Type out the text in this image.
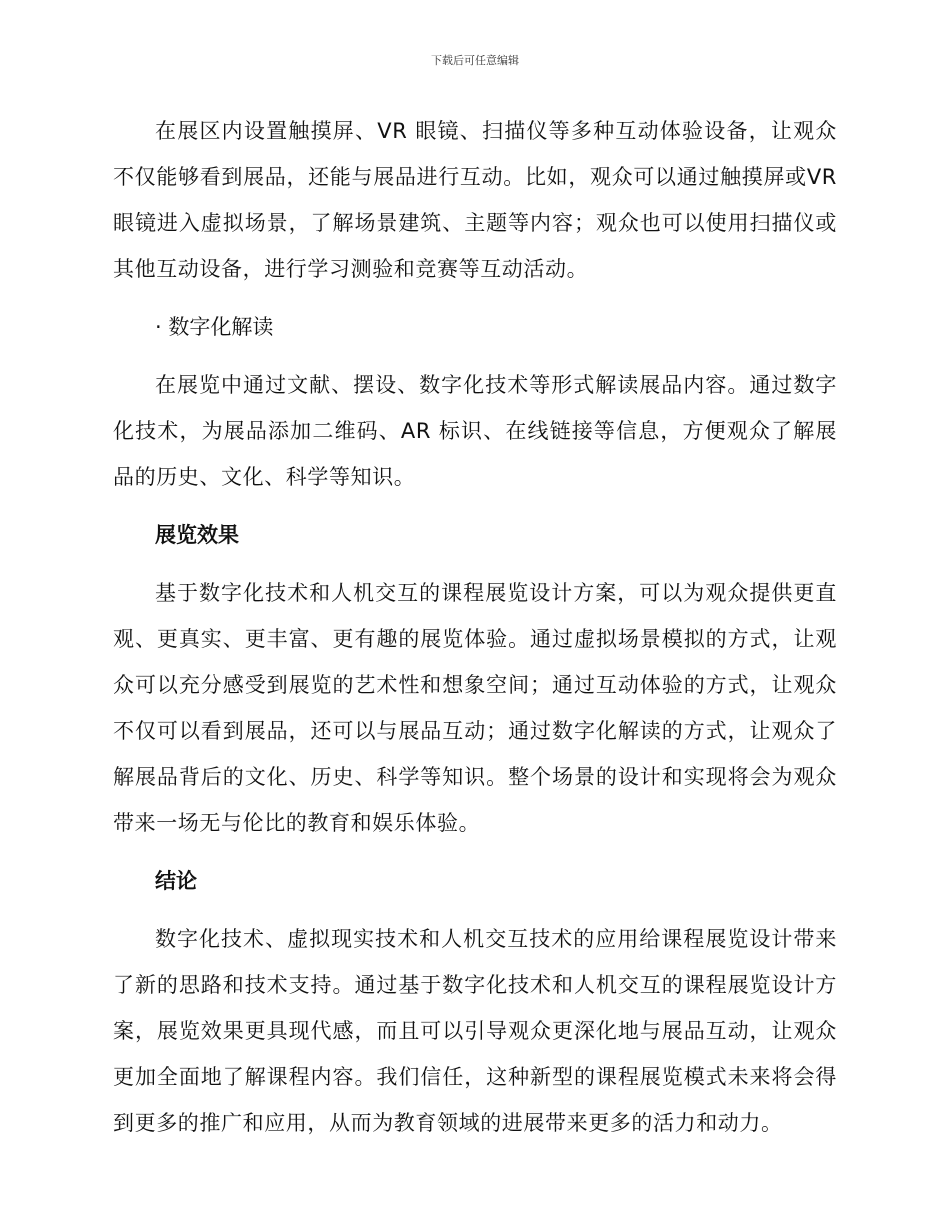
下载后可任意编辑

在展区内设置触摸屏、VR 眼镜、扫描仪等多种互动体验设备，让观众不仅能够看到展品，还能与展品进行互动。比如，观众可以通过触摸屏或VR 眼镜进入虚拟场景，了解场景建筑、主题等内容；观众也可以使用扫描仪或其他互动设备，进行学习测验和竞赛等互动活动。

· 数字化解读

在展览中通过文献、摆设、数字化技术等形式解读展品内容。通过数字化技术，为展品添加二维码、AR 标识、在线链接等信息，方便观众了解展品的历史、文化、科学等知识。

展览效果

基于数字化技术和人机交互的课程展览设计方案，可以为观众提供更直观、更真实、更丰富、更有趣的展览体验。通过虚拟场景模拟的方式，让观众可以充分感受到展览的艺术性和想象空间；通过互动体验的方式，让观众不仅可以看到展品，还可以与展品互动；通过数字化解读的方式，让观众了解展品背后的文化、历史、科学等知识。整个场景的设计和实现将会为观众带来一场无与伦比的教育和娱乐体验。

结论

数字化技术、虚拟现实技术和人机交互技术的应用给课程展览设计带来了新的思路和技术支持。通过基于数字化技术和人机交互的课程展览设计方案，展览效果更具现代感，而且可以引导观众更深化地与展品互动，让观众更加全面地了解课程内容。我们信任，这种新型的课程展览模式未来将会得到更多的推广和应用，从而为教育领域的进展带来更多的活力和动力。
